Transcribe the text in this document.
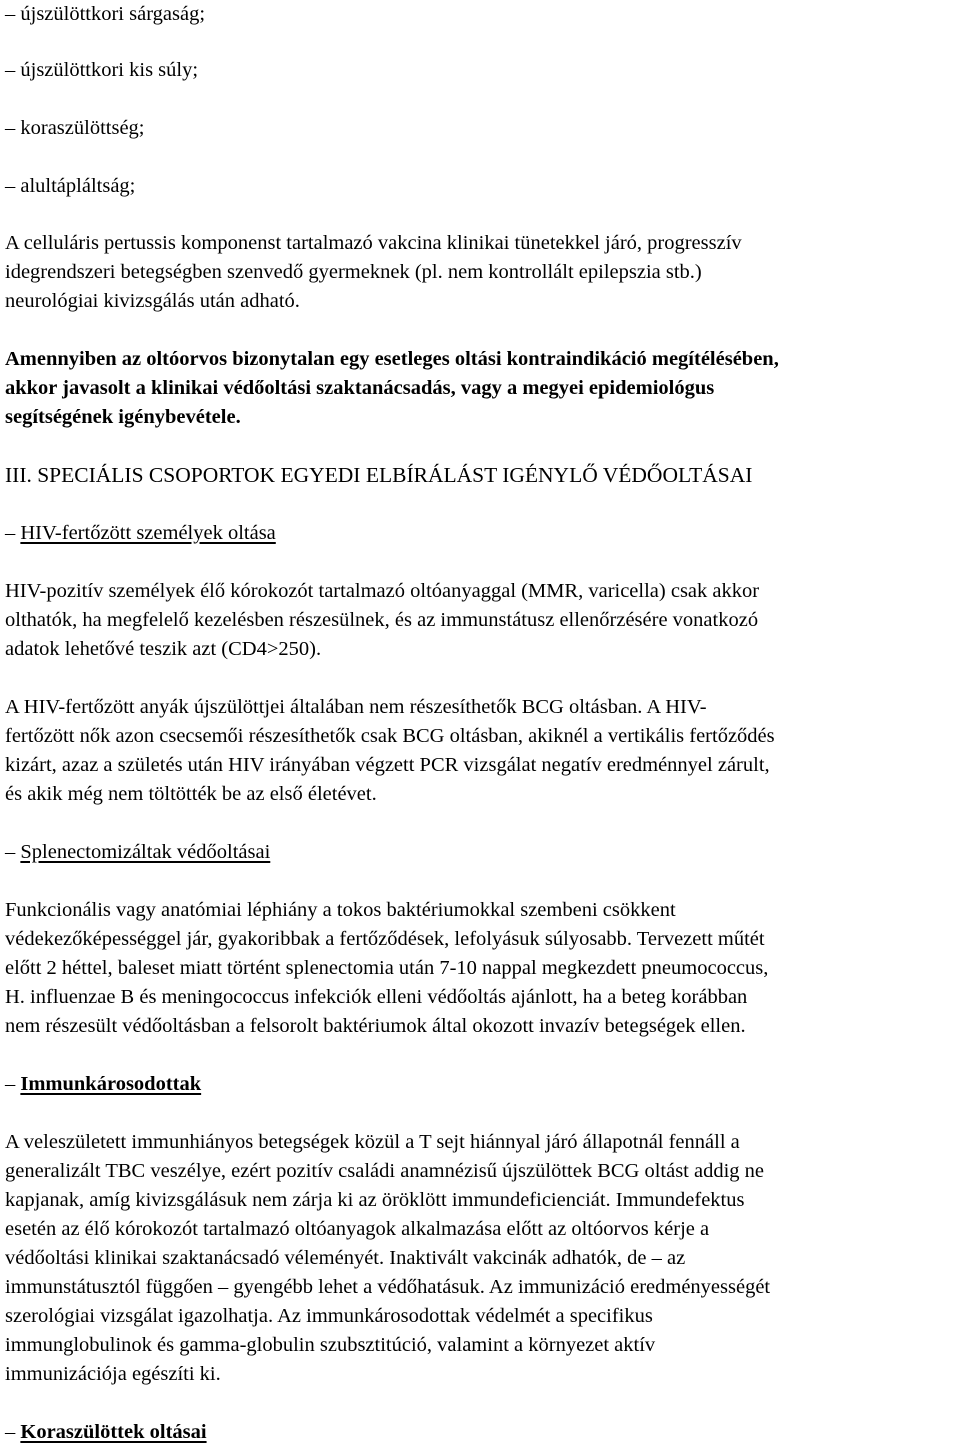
– újszülöttkori sárgaság;
– újszülöttkori kis súly;
– koraszülöttség;
– alultápláltság;
A celluláris pertussis komponenst tartalmazó vakcina klinikai tünetekkel járó, progresszív
idegrendszeri betegségben szenvedő gyermeknek (pl. nem kontrollált epilepszia stb.)
neurológiai kivizsgálás után adható.
Amennyiben az oltóorvos bizonytalan egy esetleges oltási kontraindikáció megítélésében,
akkor javasolt a klinikai védőoltási szaktanácsadás, vagy a megyei epidemiológus
segítségének igénybevétele.
III. SPECIÁLIS CSOPORTOK EGYEDI ELBÍRÁLÁST IGÉNYLŐ VÉDŐOLTÁSAI
– HIV-fertőzött személyek oltása
HIV-pozitív személyek élő kórokozót tartalmazó oltóanyaggal (MMR, varicella) csak akkor
olthatók, ha megfelelő kezelésben részesülnek, és az immunstátusz ellenőrzésére vonatkozó
adatok lehetővé teszik azt (CD4>250).
A HIV-fertőzött anyák újszülöttjei általában nem részesíthetők BCG oltásban. A HIV-
fertőzött nők azon csecsemői részesíthetők csak BCG oltásban, akiknél a vertikális fertőződés
kizárt, azaz a születés után HIV irányában végzett PCR vizsgálat negatív eredménnyel zárult,
és akik még nem töltötték be az első életévet.
– Splenectomizáltak védőoltásai
Funkcionális vagy anatómiai léphiány a tokos baktériumokkal szembeni csökkent
védekezőképességgel jár, gyakoribbak a fertőződések, lefolyásuk súlyosabb. Tervezett műtét
előtt 2 héttel, baleset miatt történt splenectomia után 7-10 nappal megkezdett pneumococcus,
H. influenzae B és meningococcus infekciók elleni védőoltás ajánlott, ha a beteg korábban
nem részesült védőoltásban a felsorolt baktériumok által okozott invazív betegségek ellen.
– Immunkárosodottak
A veleszületett immunhiányos betegségek közül a T sejt hiánnyal járó állapotnál fennáll a
generalizált TBC veszélye, ezért pozitív családi anamnézisű újszülöttek BCG oltást addig ne
kapjanak, amíg kivizsgálásuk nem zárja ki az öröklött immundeficienciát. Immundefektus
esetén az élő kórokozót tartalmazó oltóanyagok alkalmazása előtt az oltóorvos kérje a
védőoltási klinikai szaktanácsadó véleményét. Inaktivált vakcinák adhatók, de – az
immunstátusztól függően – gyengébb lehet a védőhatásuk. Az immunizáció eredményességét
szerológiai vizsgálat igazolhatja. Az immunkárosodottak védelmét a specifikus
immunglobulinok és gamma-globulin szubsztitúció, valamint a környezet aktív
immunizációja egészíti ki.
– Koraszülöttek oltásai
